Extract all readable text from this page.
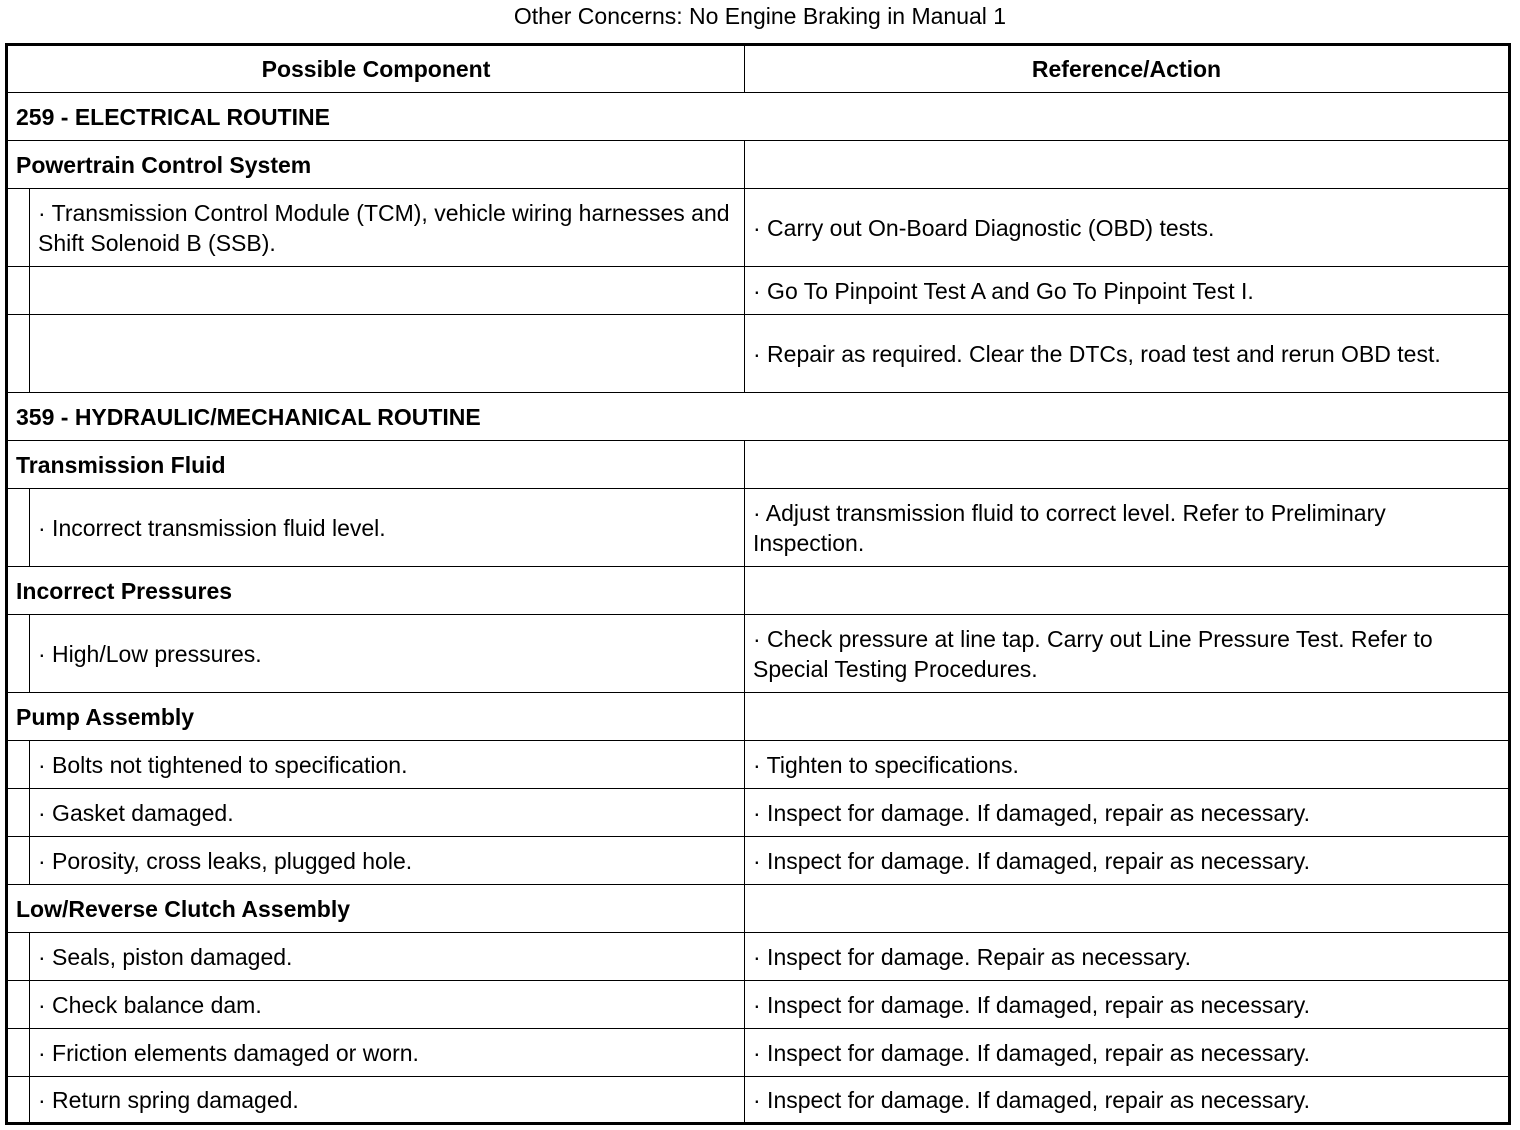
Other Concerns: No Engine Braking in Manual 1
Possible Component		Reference/Action
259 - ELECTRICAL ROUTINE		
Powertrain Control System		
	· Transmission Control Module (TCM), vehicle wiring harnesses and Shift Solenoid B (SSB).	· Carry out On-Board Diagnostic (OBD) tests.
		· Go To Pinpoint Test A and Go To Pinpoint Test I.
		· Repair as required. Clear the DTCs, road test and rerun OBD test.
359 - HYDRAULIC/MECHANICAL ROUTINE		
Transmission Fluid		
	· Incorrect transmission fluid level.	· Adjust transmission fluid to correct level. Refer to Preliminary Inspection.
Incorrect Pressures		
	· High/Low pressures.	· Check pressure at line tap. Carry out Line Pressure Test. Refer to Special Testing Procedures.
Pump Assembly		
	· Bolts not tightened to specification.	· Tighten to specifications.
	· Gasket damaged.	· Inspect for damage. If damaged, repair as necessary.
	· Porosity, cross leaks, plugged hole.	· Inspect for damage. If damaged, repair as necessary.
Low/Reverse Clutch Assembly		
	· Seals, piston damaged.	· Inspect for damage. Repair as necessary.
	· Check balance dam.	· Inspect for damage. If damaged, repair as necessary.
	· Friction elements damaged or worn.	· Inspect for damage. If damaged, repair as necessary.
	· Return spring damaged.	· Inspect for damage. If damaged, repair as necessary.
